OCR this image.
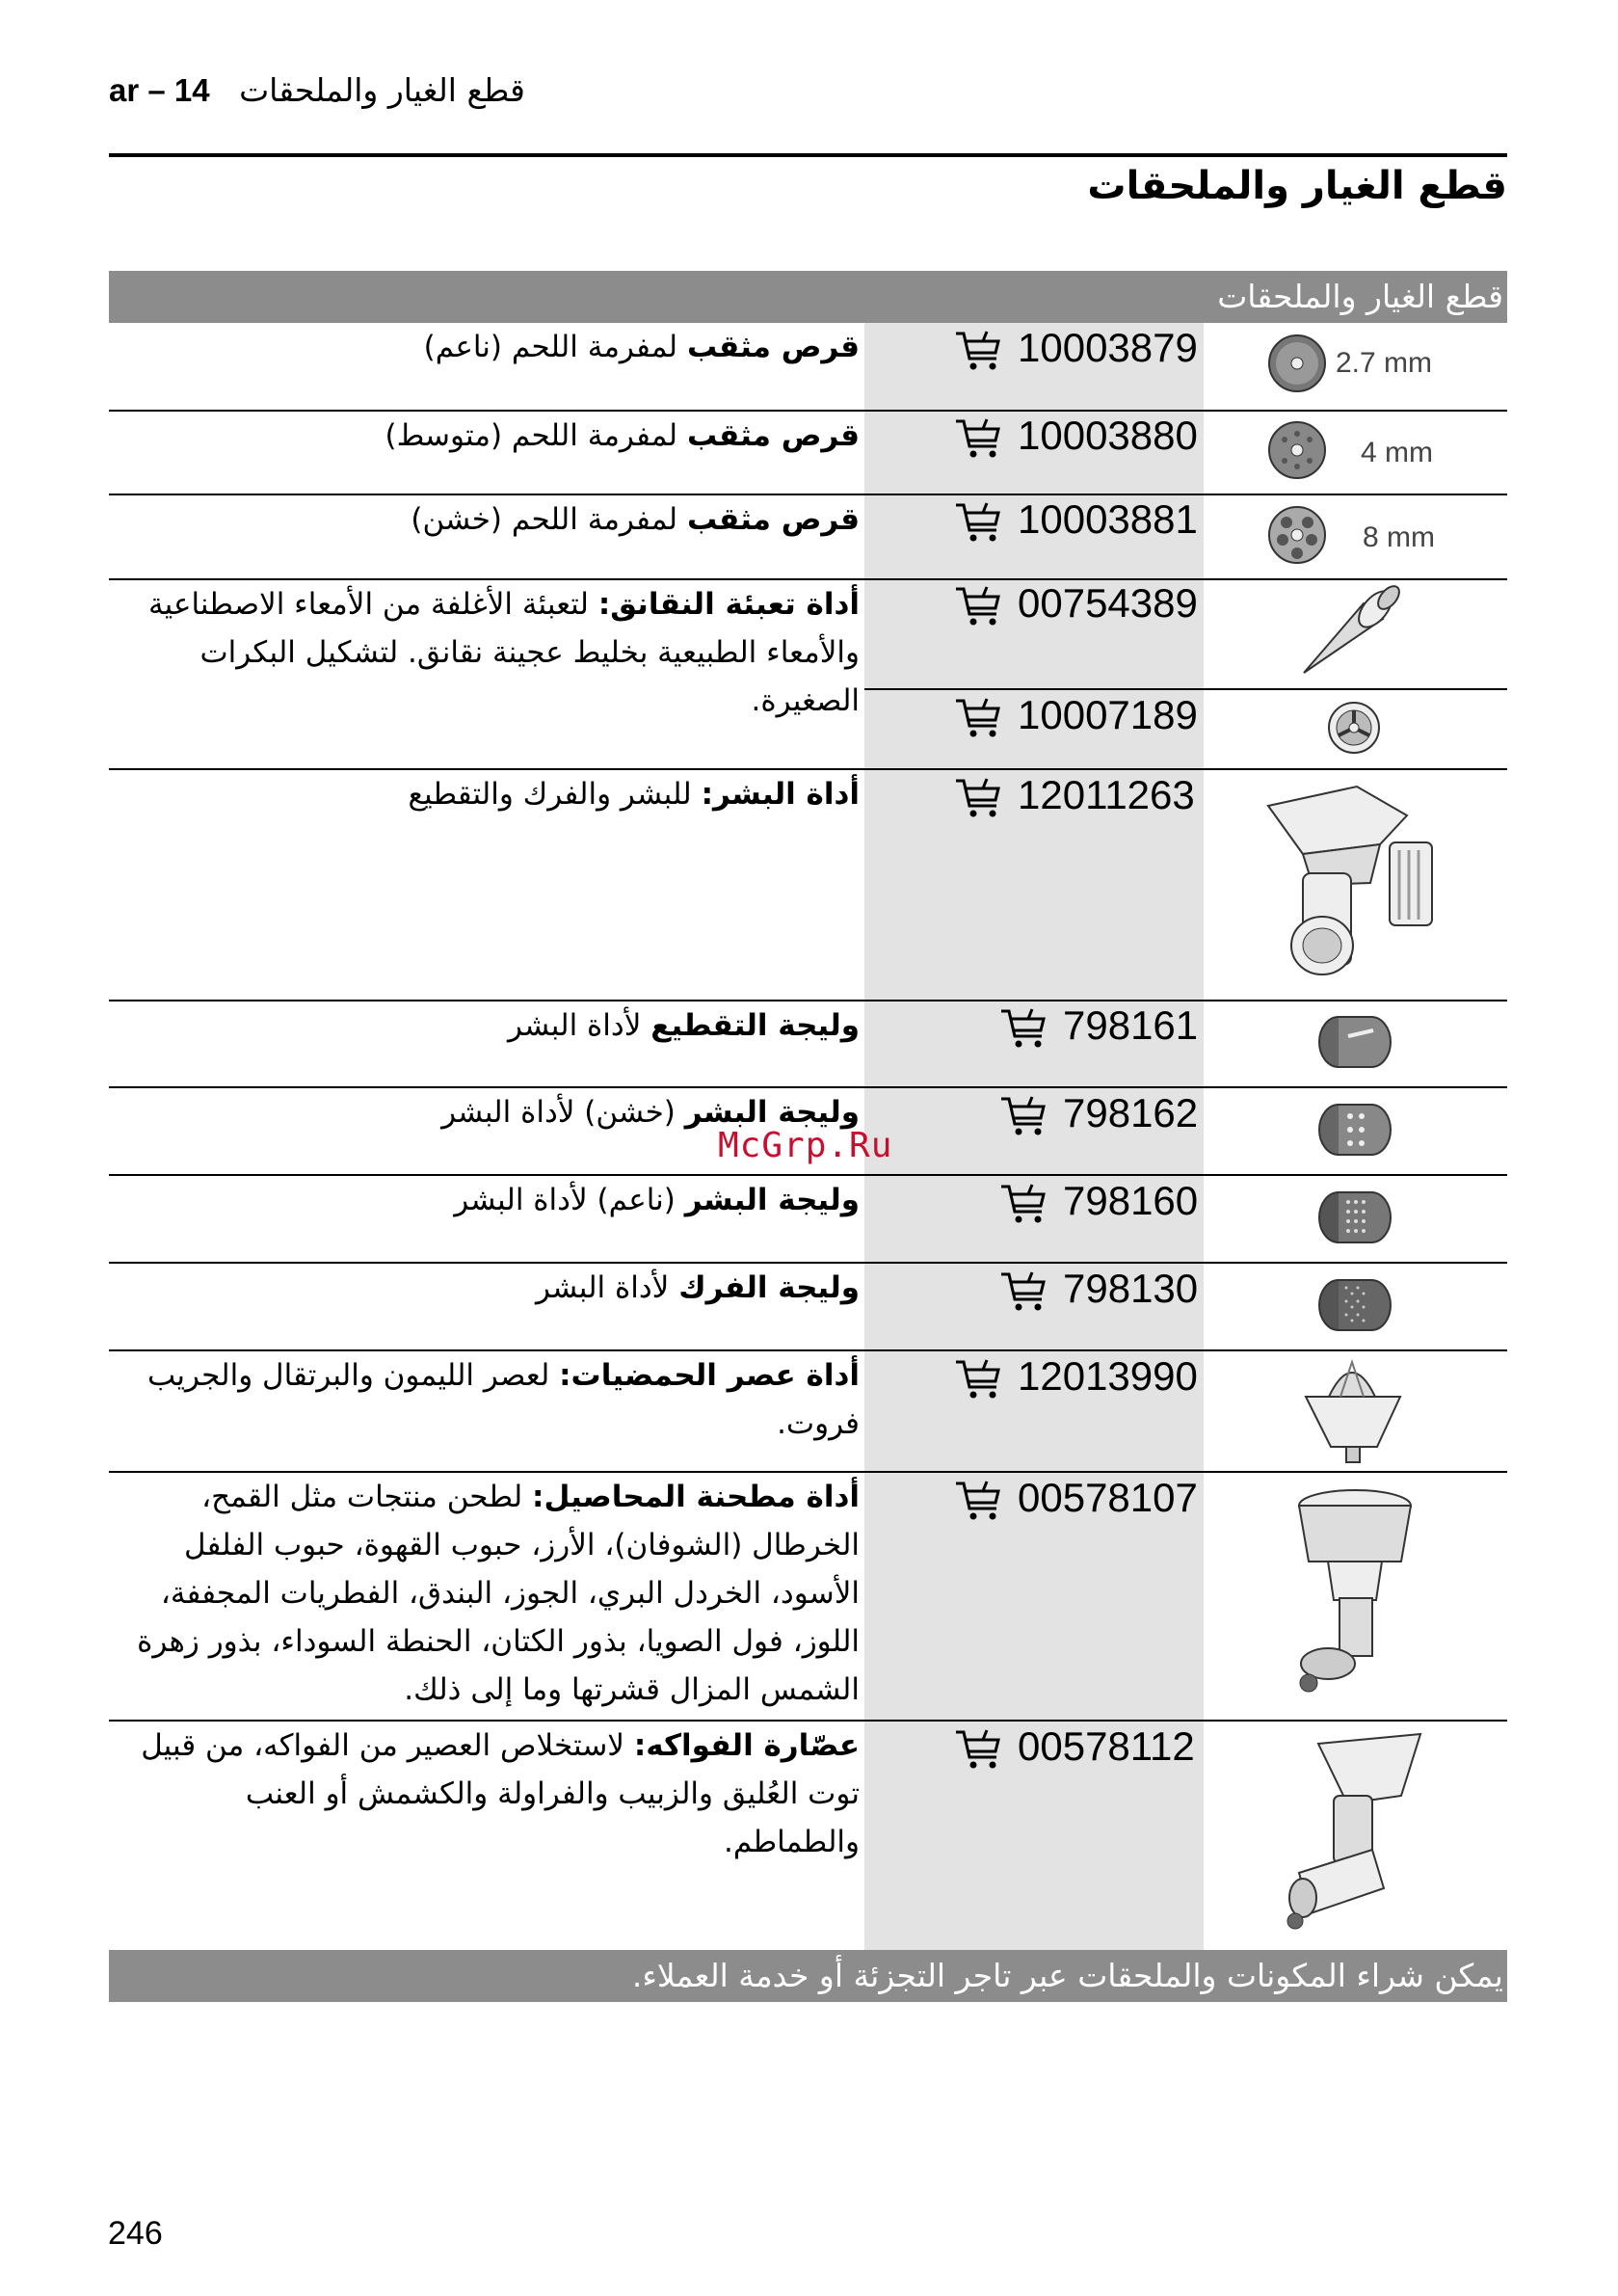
ar – 14 قطع الغيار والملحقات
قطع الغيار والملحقات
قطع الغيار والملحقات
قرص مثقب لمفرمة اللحم (ناعم)
قرص مثقب لمفرمة اللحم (متوسط)
قرص مثقب لمفرمة اللحم (خشن)
أداة تعبئة النقانق: لتعبئة الأغلفة من الأمعاء الاصطناعية والأمعاء الطبيعية بخليط عجينة نقانق. لتشكيل البكرات الصغيرة.
أداة البشر: للبشر والفرك والتقطيع
وليجة التقطيع لأداة البشر
وليجة البشر (خشن) لأداة البشر
وليجة البشر (ناعم) لأداة البشر
وليجة الفرك لأداة البشر
أداة عصر الحمضيات: لعصر الليمون والبرتقال والجريب فروت.
أداة مطحنة المحاصيل: لطحن منتجات مثل القمح، الخرطال (الشوفان)، الأرز، حبوب القهوة، حبوب الفلفل الأسود، الخردل البري، الجوز، البندق، الفطريات المجففة، اللوز، فول الصويا، بذور الكتان، الحنطة السوداء، بذور زهرة الشمس المزال قشرتها وما إلى ذلك.
عصّارة الفواكه: لاستخلاص العصير من الفواكه، من قبيل توت العُليق والزبيب والفراولة والكشمش أو العنب والطماطم.
10003879
10003880
10003881
00754389
10007189
12011263
798161
798162
798160
798130
12013990
00578107
00578112
2.7 mm
4 mm
8 mm
McGrp.Ru
يمكن شراء المكونات والملحقات عبر تاجر التجزئة أو خدمة العملاء.
246
